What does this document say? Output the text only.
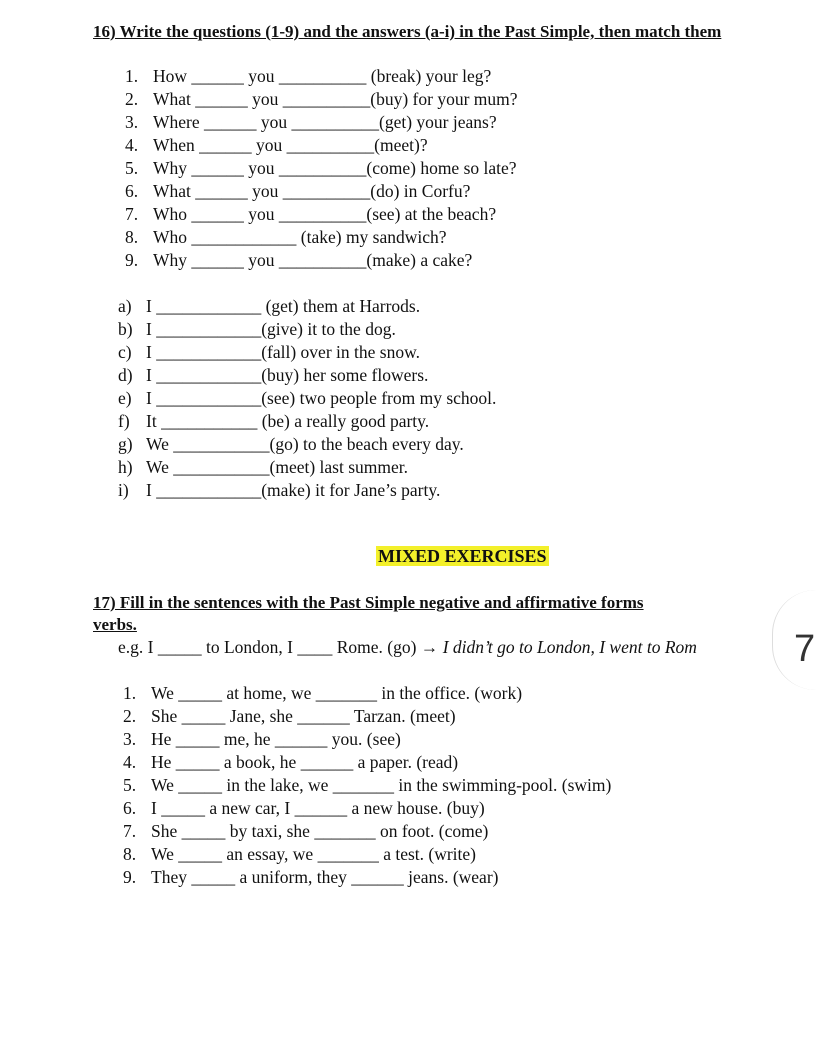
16) Write the questions (1-9) and the answers (a-i) in the Past Simple, then match them
1. How ______ you __________ (break) your leg?
2. What ______ you __________(buy) for your mum?
3. Where ______ you __________(get) your jeans?
4. When ______ you __________(meet)?
5. Why ______ you __________(come) home so late?
6. What ______ you __________(do) in Corfu?
7. Who ______ you __________(see) at the beach?
8. Who ____________ (take) my sandwich?
9. Why ______ you __________(make) a cake?
a) I ____________ (get) them at Harrods.
b) I ____________(give) it to the dog.
c) I ____________(fall) over in the snow.
d) I ____________(buy) her some flowers.
e) I ____________(see) two people from my school.
f) It ___________ (be) a really good party.
g) We ___________(go) to the beach every day.
h) We ___________(meet) last summer.
i) I ____________(make) it for Jane’s party.
MIXED EXERCISES
17) Fill in the sentences with the Past Simple negative and affirmative forms
verbs.
e.g. I _____ to London, I ____ Rome. (go) → I didn’t go to London, I went to Rom	7
1. We _____ at home, we _______ in the office. (work)
2. She _____ Jane, she ______ Tarzan. (meet)
3. He _____ me, he ______ you. (see)
4. He _____ a book, he ______ a paper. (read)
5. We _____ in the lake, we _______ in the swimming-pool. (swim)
6. I _____ a new car, I ______ a new house. (buy)
7. She _____ by taxi, she _______ on foot. (come)
8. We _____ an essay, we _______ a test. (write)
9. They _____ a uniform, they ______ jeans. (wear)
